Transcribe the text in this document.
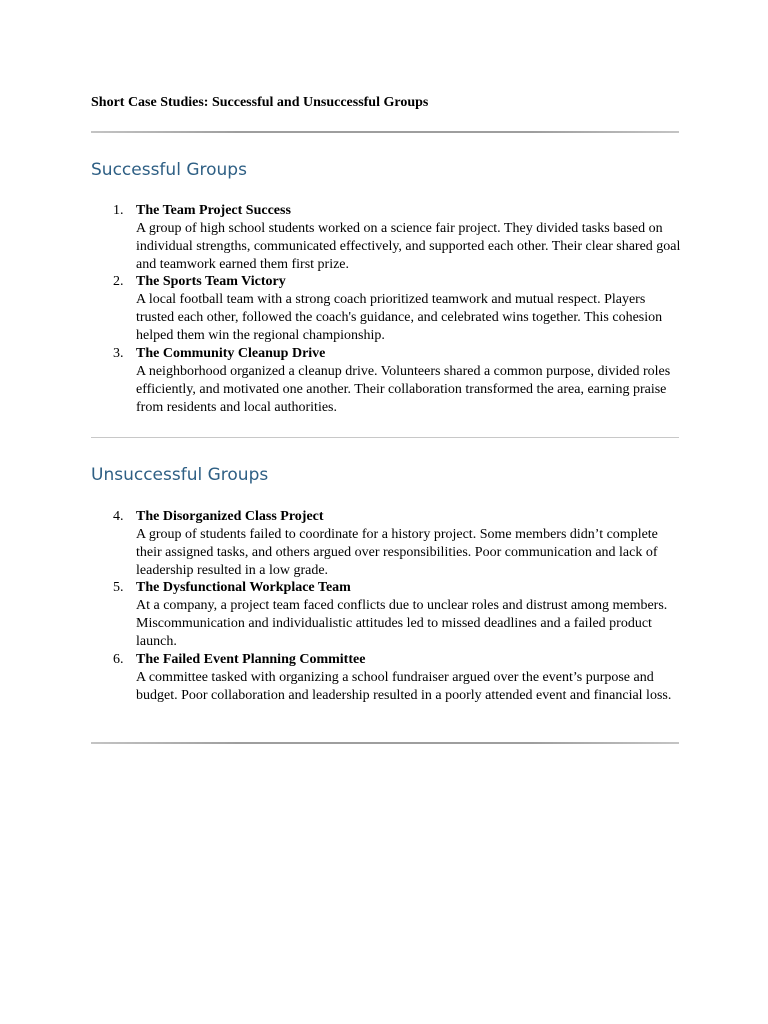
Short Case Studies: Successful and Unsuccessful Groups
Successful Groups
1. The Team Project Success
A group of high school students worked on a science fair project. They divided tasks based on individual strengths, communicated effectively, and supported each other. Their clear shared goal and teamwork earned them first prize.
2. The Sports Team Victory
A local football team with a strong coach prioritized teamwork and mutual respect. Players trusted each other, followed the coach's guidance, and celebrated wins together. This cohesion helped them win the regional championship.
3. The Community Cleanup Drive
A neighborhood organized a cleanup drive. Volunteers shared a common purpose, divided roles efficiently, and motivated one another. Their collaboration transformed the area, earning praise from residents and local authorities.
Unsuccessful Groups
4. The Disorganized Class Project
A group of students failed to coordinate for a history project. Some members didn’t complete their assigned tasks, and others argued over responsibilities. Poor communication and lack of leadership resulted in a low grade.
5. The Dysfunctional Workplace Team
At a company, a project team faced conflicts due to unclear roles and distrust among members. Miscommunication and individualistic attitudes led to missed deadlines and a failed product launch.
6. The Failed Event Planning Committee
A committee tasked with organizing a school fundraiser argued over the event’s purpose and budget. Poor collaboration and leadership resulted in a poorly attended event and financial loss.
